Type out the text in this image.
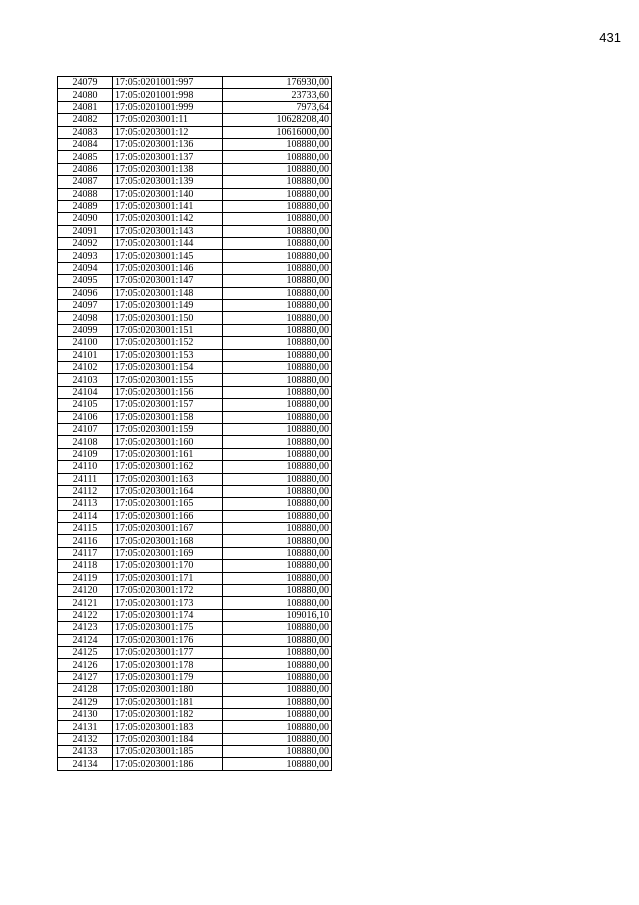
431
24079	17:05:0201001:997	176930,00
24080	17:05:0201001:998	23733,60
24081	17:05:0201001:999	7973,64
24082	17:05:0203001:11	10628208,40
24083	17:05:0203001:12	10616000,00
24084	17:05:0203001:136	108880,00
24085	17:05:0203001:137	108880,00
24086	17:05:0203001:138	108880,00
24087	17:05:0203001:139	108880,00
24088	17:05:0203001:140	108880,00
24089	17:05:0203001:141	108880,00
24090	17:05:0203001:142	108880,00
24091	17:05:0203001:143	108880,00
24092	17:05:0203001:144	108880,00
24093	17:05:0203001:145	108880,00
24094	17:05:0203001:146	108880,00
24095	17:05:0203001:147	108880,00
24096	17:05:0203001:148	108880,00
24097	17:05:0203001:149	108880,00
24098	17:05:0203001:150	108880,00
24099	17:05:0203001:151	108880,00
24100	17:05:0203001:152	108880,00
24101	17:05:0203001:153	108880,00
24102	17:05:0203001:154	108880,00
24103	17:05:0203001:155	108880,00
24104	17:05:0203001:156	108880,00
24105	17:05:0203001:157	108880,00
24106	17:05:0203001:158	108880,00
24107	17:05:0203001:159	108880,00
24108	17:05:0203001:160	108880,00
24109	17:05:0203001:161	108880,00
24110	17:05:0203001:162	108880,00
24111	17:05:0203001:163	108880,00
24112	17:05:0203001:164	108880,00
24113	17:05:0203001:165	108880,00
24114	17:05:0203001:166	108880,00
24115	17:05:0203001:167	108880,00
24116	17:05:0203001:168	108880,00
24117	17:05:0203001:169	108880,00
24118	17:05:0203001:170	108880,00
24119	17:05:0203001:171	108880,00
24120	17:05:0203001:172	108880,00
24121	17:05:0203001:173	108880,00
24122	17:05:0203001:174	109016,10
24123	17:05:0203001:175	108880,00
24124	17:05:0203001:176	108880,00
24125	17:05:0203001:177	108880,00
24126	17:05:0203001:178	108880,00
24127	17:05:0203001:179	108880,00
24128	17:05:0203001:180	108880,00
24129	17:05:0203001:181	108880,00
24130	17:05:0203001:182	108880,00
24131	17:05:0203001:183	108880,00
24132	17:05:0203001:184	108880,00
24133	17:05:0203001:185	108880,00
24134	17:05:0203001:186	108880,00
